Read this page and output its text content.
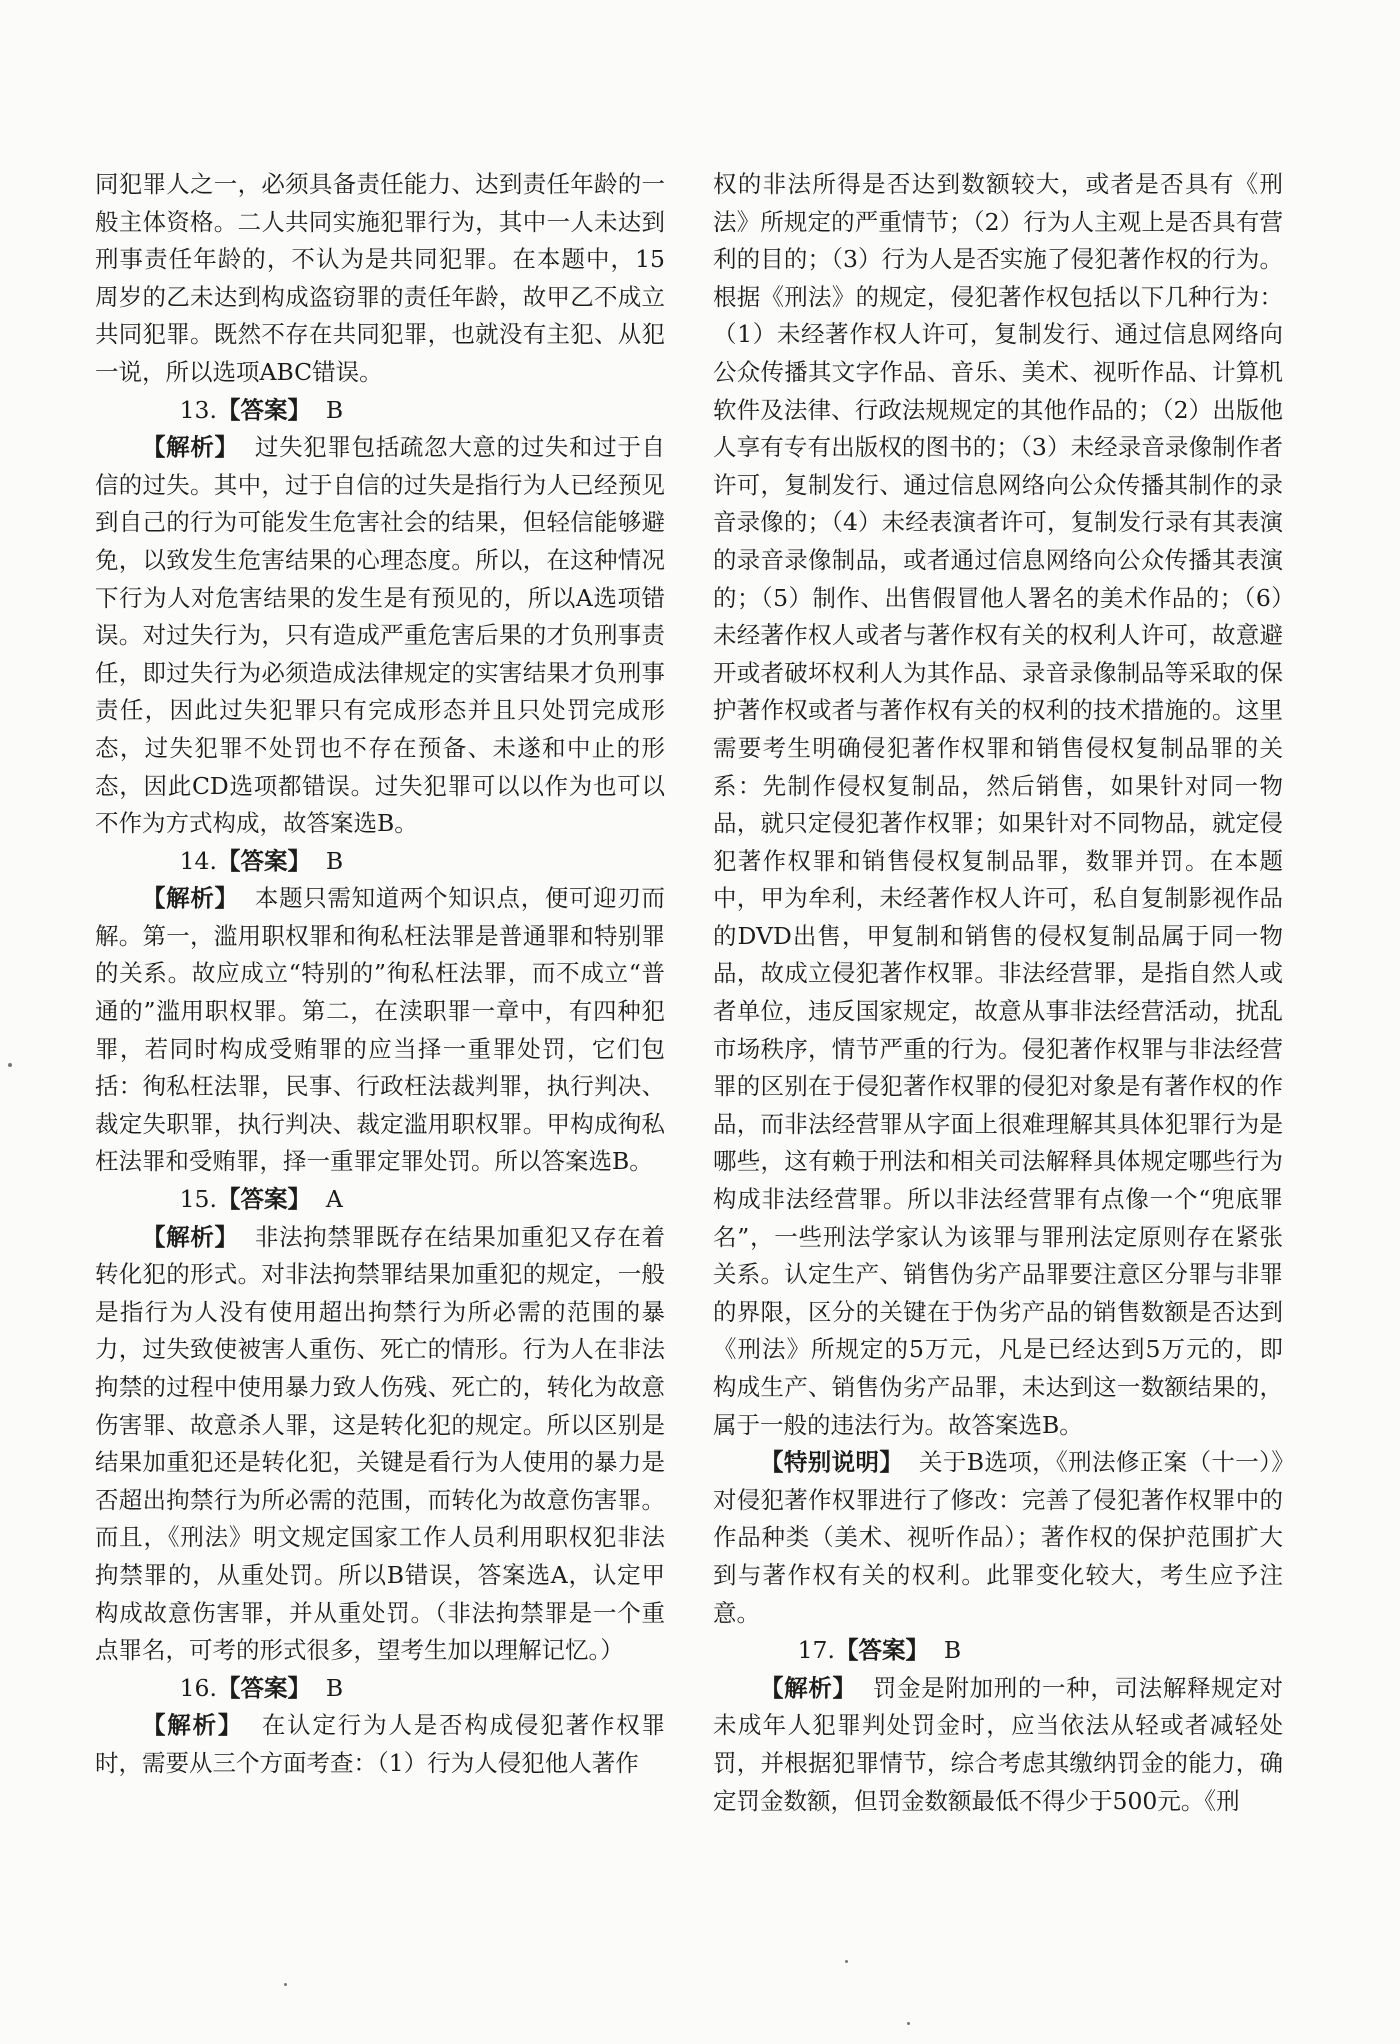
同犯罪人之一，必须具备责任能力、达到责任年龄的一般主体资格。二人共同实施犯罪行为，其中一人未达到刑事责任年龄的，不认为是共同犯罪。在本题中，15周岁的乙未达到构成盗窃罪的责任年龄，故甲乙不成立共同犯罪。既然不存在共同犯罪，也就没有主犯、从犯一说，所以选项ABC错误。

13.【答案】 B

【解析】 过失犯罪包括疏忽大意的过失和过于自信的过失。其中，过于自信的过失是指行为人已经预见到自己的行为可能发生危害社会的结果，但轻信能够避免，以致发生危害结果的心理态度。所以，在这种情况下行为人对危害结果的发生是有预见的，所以A选项错误。对过失行为，只有造成严重危害后果的才负刑事责任，即过失行为必须造成法律规定的实害结果才负刑事责任，因此过失犯罪只有完成形态并且只处罚完成形态，过失犯罪不处罚也不存在预备、未遂和中止的形态，因此CD选项都错误。过失犯罪可以以作为也可以不作为方式构成，故答案选B。

14.【答案】 B

【解析】 本题只需知道两个知识点，便可迎刃而解。第一，滥用职权罪和徇私枉法罪是普通罪和特别罪的关系。故应成立“特别的”徇私枉法罪，而不成立“普通的”滥用职权罪。第二，在渎职罪一章中，有四种犯罪，若同时构成受贿罪的应当择一重罪处罚，它们包括：徇私枉法罪，民事、行政枉法裁判罪，执行判决、裁定失职罪，执行判决、裁定滥用职权罪。甲构成徇私枉法罪和受贿罪，择一重罪定罪处罚。所以答案选B。

15.【答案】 A

【解析】 非法拘禁罪既存在结果加重犯又存在着转化犯的形式。对非法拘禁罪结果加重犯的规定，一般是指行为人没有使用超出拘禁行为所必需的范围的暴力，过失致使被害人重伤、死亡的情形。行为人在非法拘禁的过程中使用暴力致人伤残、死亡的，转化为故意伤害罪、故意杀人罪，这是转化犯的规定。所以区别是结果加重犯还是转化犯，关键是看行为人使用的暴力是否超出拘禁行为所必需的范围，而转化为故意伤害罪。而且，《刑法》明文规定国家工作人员利用职权犯非法拘禁罪的，从重处罚。所以B错误，答案选A，认定甲构成故意伤害罪，并从重处罚。（非法拘禁罪是一个重点罪名，可考的形式很多，望考生加以理解记忆。）

16.【答案】 B

【解析】 在认定行为人是否构成侵犯著作权罪时，需要从三个方面考查：（1）行为人侵犯他人著作

权的非法所得是否达到数额较大，或者是否具有《刑法》所规定的严重情节；（2）行为人主观上是否具有营利的目的；（3）行为人是否实施了侵犯著作权的行为。根据《刑法》的规定，侵犯著作权包括以下几种行为：（1）未经著作权人许可，复制发行、通过信息网络向公众传播其文字作品、音乐、美术、视听作品、计算机软件及法律、行政法规规定的其他作品的；（2）出版他人享有专有出版权的图书的；（3）未经录音录像制作者许可，复制发行、通过信息网络向公众传播其制作的录音录像的；（4）未经表演者许可，复制发行录有其表演的录音录像制品，或者通过信息网络向公众传播其表演的；（5）制作、出售假冒他人署名的美术作品的；（6）未经著作权人或者与著作权有关的权利人许可，故意避开或者破坏权利人为其作品、录音录像制品等采取的保护著作权或者与著作权有关的权利的技术措施的。这里需要考生明确侵犯著作权罪和销售侵权复制品罪的关系：先制作侵权复制品，然后销售，如果针对同一物品，就只定侵犯著作权罪；如果针对不同物品，就定侵犯著作权罪和销售侵权复制品罪，数罪并罚。在本题中，甲为牟利，未经著作权人许可，私自复制影视作品的DVD出售，甲复制和销售的侵权复制品属于同一物品，故成立侵犯著作权罪。非法经营罪，是指自然人或者单位，违反国家规定，故意从事非法经营活动，扰乱市场秩序，情节严重的行为。侵犯著作权罪与非法经营罪的区别在于侵犯著作权罪的侵犯对象是有著作权的作品，而非法经营罪从字面上很难理解其具体犯罪行为是哪些，这有赖于刑法和相关司法解释具体规定哪些行为构成非法经营罪。所以非法经营罪有点像一个“兜底罪名”，一些刑法学家认为该罪与罪刑法定原则存在紧张关系。认定生产、销售伪劣产品罪要注意区分罪与非罪的界限，区分的关键在于伪劣产品的销售数额是否达到《刑法》所规定的5万元，凡是已经达到5万元的，即构成生产、销售伪劣产品罪，未达到这一数额结果的，属于一般的违法行为。故答案选B。

【特别说明】 关于B选项，《刑法修正案（十一）》对侵犯著作权罪进行了修改：完善了侵犯著作权罪中的作品种类（美术、视听作品）；著作权的保护范围扩大到与著作权有关的权利。此罪变化较大，考生应予注意。

17.【答案】 B

【解析】 罚金是附加刑的一种，司法解释规定对未成年人犯罪判处罚金时，应当依法从轻或者减轻处罚，并根据犯罪情节，综合考虑其缴纳罚金的能力，确定罚金数额，但罚金数额最低不得少于500元。《刑
